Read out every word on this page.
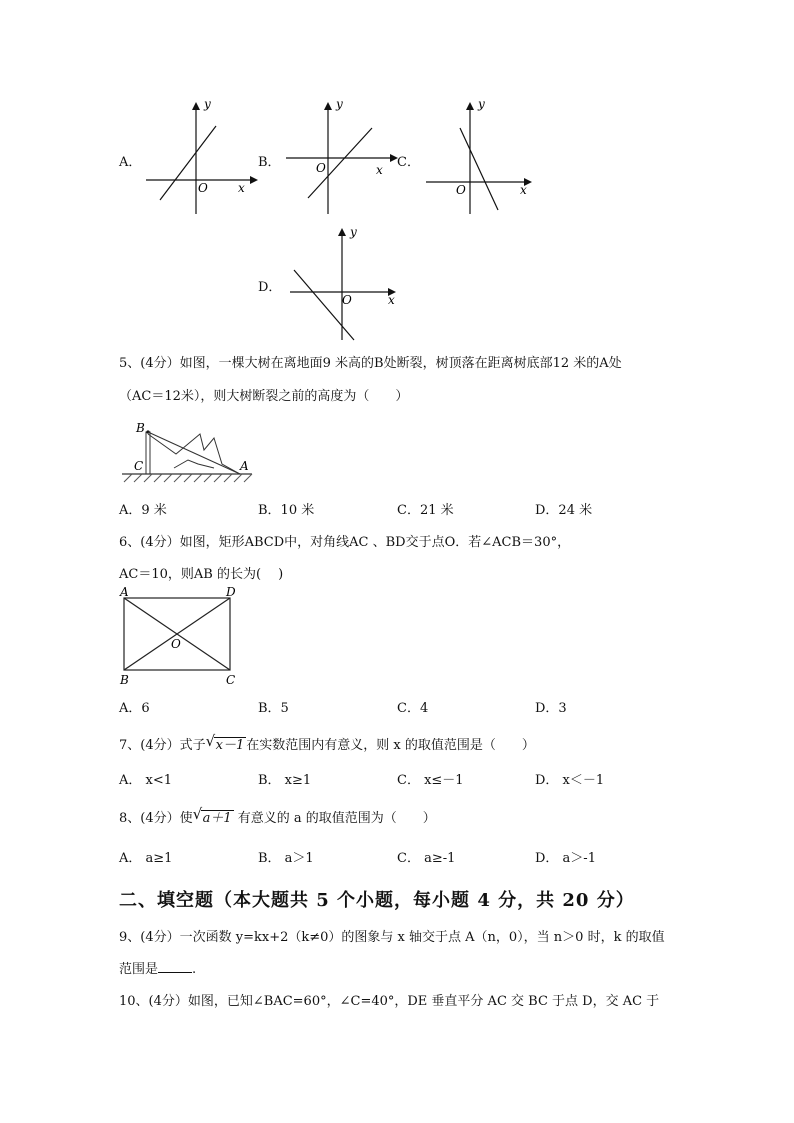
A．
y
x
O
B．
y
x
O	C．
y
x
O
D．
y
x
O
5、(4分）如图，一棵大树在离地面9 米高的B处断裂，树顶落在距离树底部12 米的A处
（AC＝12米），则大树断裂之前的高度为（　　）
B
C	A
A．9 米	B．10 米	C．21 米	D．24 米
6、(4分）如图，矩形ABCD中，对角线AC 、BD交于点O．若∠ACB＝30°，
AC＝10，则AB 的长为(　 )
A	D
B	C
O
A．6	B．5	C．4	D．3
7、(4分）式子 √ x－1 在实数范围内有意义，则 x 的取值范围是（　　）
A． x<1	B． x≥1	C． x≤－1	D． x＜－1
8、(4分）使 √ a＋1 有意义的 a 的取值范围为（　　）
A． a≥1	B． a＞1	C． a≥-1	D． a＞-1
二、填空题（本大题共 5 个小题，每小题 4 分，共 20 分）
9、(4分）一次函数 y=kx+2（k≠0）的图象与 x 轴交于点 A（n，0），当 n＞0 时，k 的取值
范围是	.
10、(4分）如图，已知∠BAC=60°，∠C=40°，DE 垂直平分 AC 交 BC 于点 D，交 AC 于
